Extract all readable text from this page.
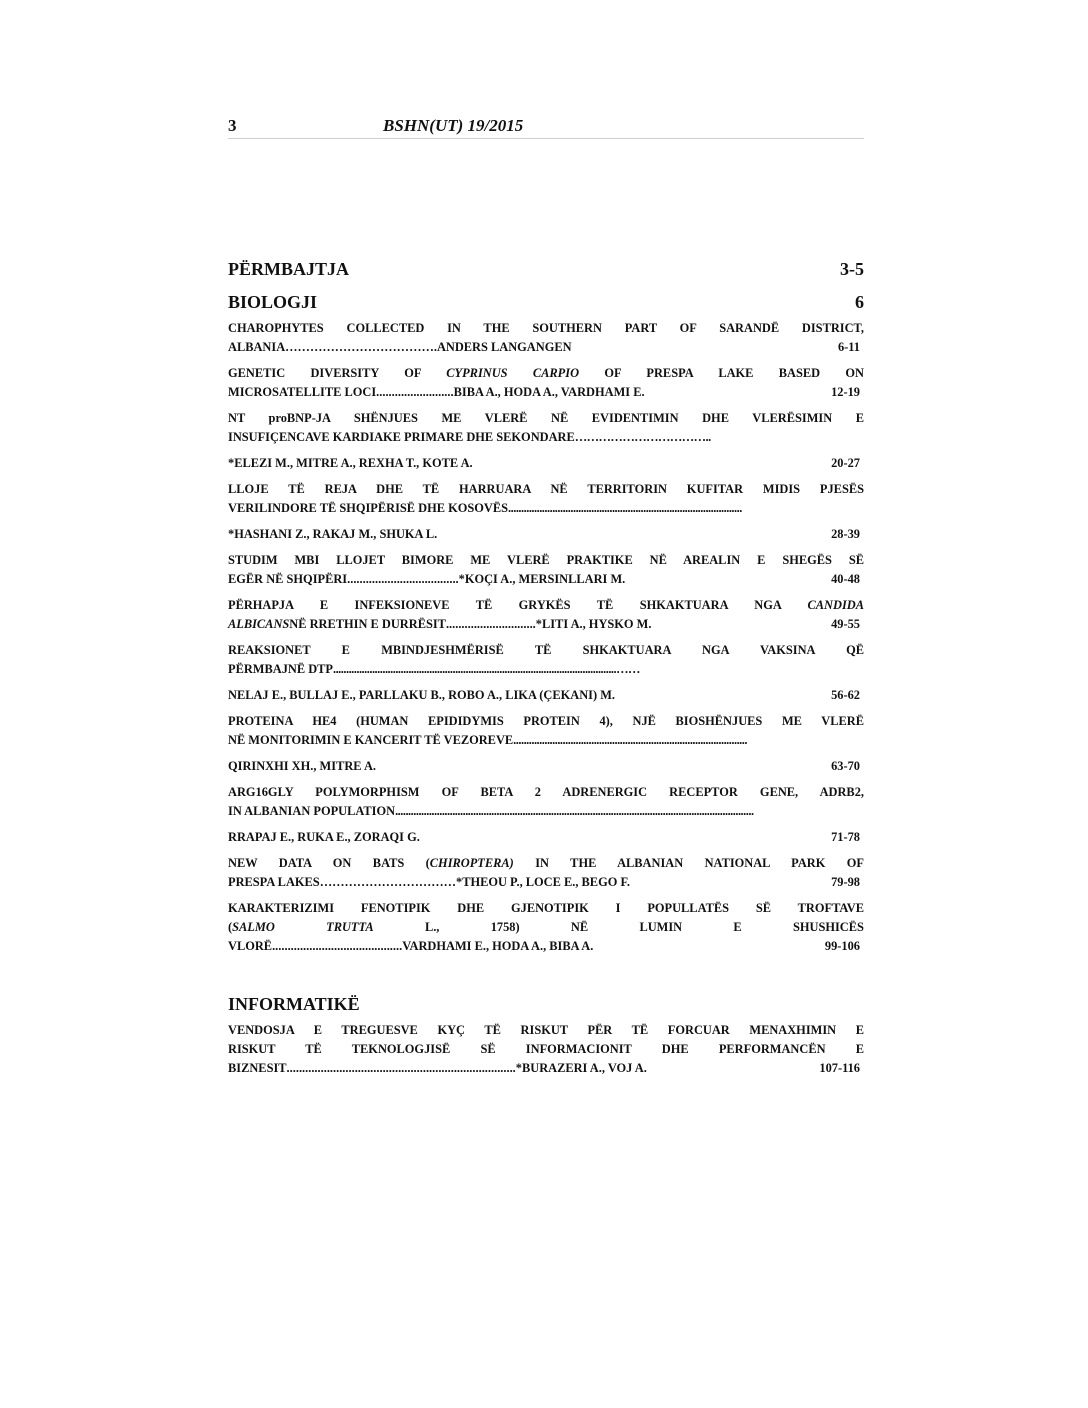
3	BSHN(UT) 19/2015
PËRMBAJTJA	3-5
BIOLOGJI	6
CHAROPHYTES COLLECTED IN THE SOUTHERN PART OF SARANDË DISTRICT,
ALBANIA ………………………………. ANDERS LANGANGEN	6-11
GENETIC DIVERSITY OF CYPRINUS CARPIO OF PRESPA LAKE BASED ON
MICROSATELLITE LOCI ......................... BIBA A., HODA A., VARDHAMI E.	12-19
NT proBNP-JA SHËNJUES ME VLERË NË EVIDENTIMIN DHE VLERËSIMIN E
INSUFIÇENCAVE KARDIAKE PRIMARE DHE SEKONDARE ……………………………..
*ELEZI M., MITRE A., REXHA T., KOTE A.	20-27
LLOJE TË REJA DHE TË HARRUARA NË TERRITORIN KUFITAR MIDIS PJESËS
VERILINDORE TË SHQIPËRISË DHE KOSOVËS ..........................................................................................
*HASHANI Z., RAKAJ M., SHUKA L.	28-39
STUDIM MBI LLOJET BIMORE ME VLERË PRAKTIKE NË AREALIN E SHEGËS SË
EGËR NË SHQIPËRI .................................... *KOÇI A., MERSINLLARI M.	40-48
PËRHAPJA E INFEKSIONEVE TË GRYKËS TË SHKAKTUARA NGA CANDIDA
ALBICANS NË RRETHIN E DURRËSIT ............................. *LITI A., HYSKO M.	49-55
REAKSIONET E MBINDJESHMËRISË TË SHKAKTUARA NGA VAKSINA QË
PËRMBAJNË DTP .............................................................................................................……
NELAJ E., BULLAJ E., PARLLAKU B., ROBO A., LIKA (ÇEKANI) M.	56-62
PROTEINA HE4 (HUMAN EPIDIDYMIS PROTEIN 4), NJË BIOSHËNJUES ME VLERË
NË MONITORIMIN E KANCERIT TË VEZOREVE ..........................................................................................
QIRINXHI XH., MITRE A.	63-70
ARG16GLY POLYMORPHISM OF BETA 2 ADRENERGIC RECEPTOR GENE, ADRB2,
IN ALBANIAN POPULATION ..........................................................................................................................................
RRAPAJ E., RUKA E., ZORAQI G.	71-78
NEW DATA ON BATS (CHIROPTERA) IN THE ALBANIAN NATIONAL PARK OF
PRESPA LAKES …………………………… *THEOU P., LOCE E., BEGO F.	79-98
KARAKTERIZIMI FENOTIPIK DHE GJENOTIPIK I POPULLATËS SË TROFTAVE
(SALMO	TRUTTA	L.,	1758)	NË	LUMIN	E	SHUSHICËS
VLORË .......................................... VARDHAMI E., HODA A., BIBA A.	99-106
INFORMATIKË
VENDOSJA E TREGUESVE KYÇ TË RISKUT PËR TË FORCUAR MENAXHIMIN E
RISKUT TË TEKNOLOGJISË SË INFORMACIONIT DHE PERFORMANCËN E
BIZNESIT .......................................................................... *BURAZERI A., VOJ A.	107-116
